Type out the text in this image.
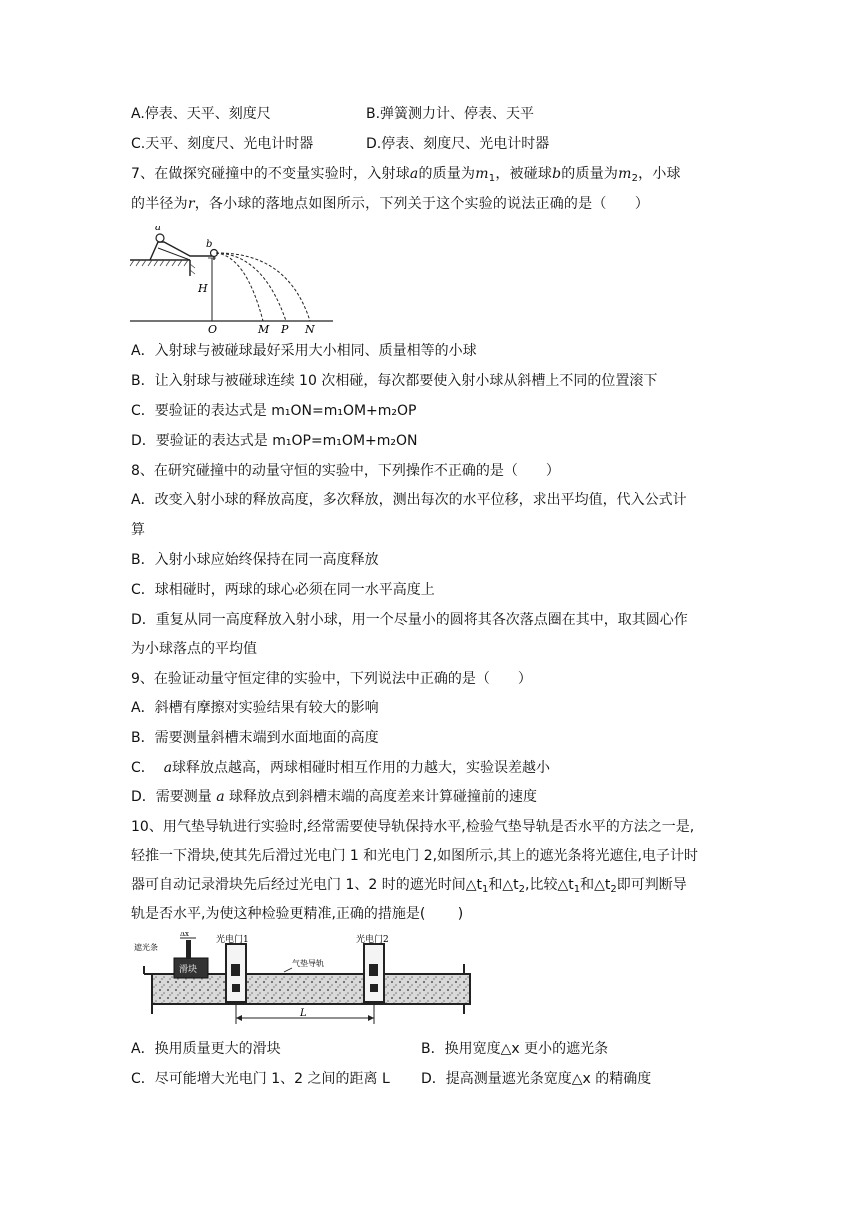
A.停表、天平、刻度尺	B.弹簧测力计、停表、天平
C.天平、刻度尺、光电计时器	D.停表、刻度尺、光电计时器
7、在做探究碰撞中的不变量实验时，入射球a的质量为$m_1$，被碰球b的质量为$m_2$，小球
的半径为r，各小球的落地点如图所示，下列关于这个实验的说法正确的是（　　）
a
b
H
O	M P N
A．入射球与被碰球最好采用大小相同、质量相等的小球
B．让入射球与被碰球连续 10 次相碰，每次都要使入射小球从斜槽上不同的位置滚下
C．要验证的表达式是 m₁ON=m₁OM+m₂OP
D．要验证的表达式是 m₁OP=m₁OM+m₂ON
8、在研究碰撞中的动量守恒的实验中，下列操作不正确的是（　　）
A．改变入射小球的释放高度，多次释放，测出每次的水平位移，求出平均值，代入公式计
算
B．入射小球应始终保持在同一高度释放
C．球相碰时，两球的球心必须在同一水平高度上
D．重复从同一高度释放入射小球，用一个尽量小的圆将其各次落点圈在其中，取其圆心作
为小球落点的平均值
9、在验证动量守恒定律的实验中，下列说法中正确的是（　　）
A．斜槽有摩擦对实验结果有较大的影响
B．需要测量斜槽末端到水面地面的高度
C． a球释放点越高，两球相碰时相互作用的力越大，实验误差越小
D．需要测量 a 球释放点到斜槽末端的高度差来计算碰撞前的速度
10、用气垫导轨进行实验时,经常需要使导轨保持水平,检验气垫导轨是否水平的方法之一是,
轻推一下滑块,使其先后滑过光电门 1 和光电门 2,如图所示,其上的遮光条将光遮住,电子计时
器可自动记录滑块先后经过光电门 1、2 时的遮光时间$\triangle t_1$和$\triangle t_2$,比较$\triangle t_1$和$\triangle t_2$即可判断导
轨是否水平,为使这种检验更精准,正确的措施是(　　 )
滑块
遮光条
Δx
光电门1	光电门2
气垫导轨
L
A．换用质量更大的滑块	B．换用宽度△x 更小的遮光条
C．尽可能增大光电门 1、2 之间的距离 L D．提高测量遮光条宽度△x 的精确度
